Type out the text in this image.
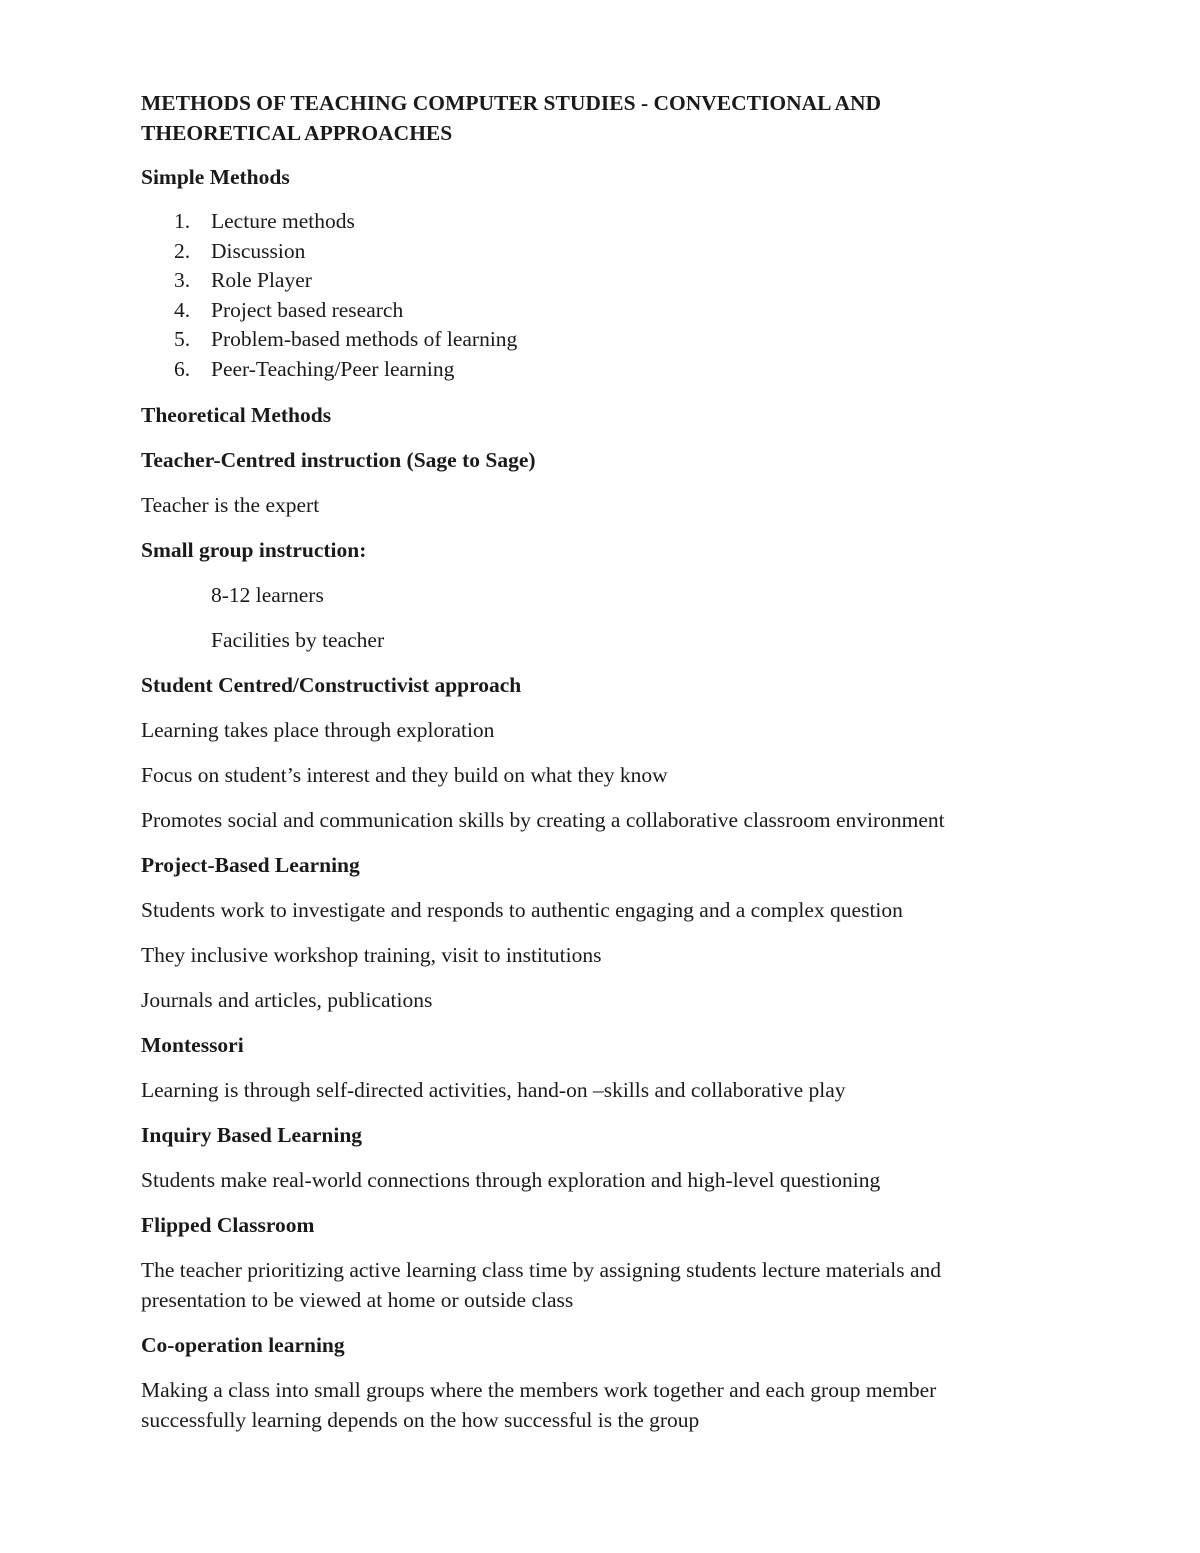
METHODS OF TEACHING COMPUTER STUDIES - CONVECTIONAL AND THEORETICAL APPROACHES
Simple Methods
1. Lecture methods
2. Discussion
3. Role Player
4. Project based research
5. Problem-based methods of learning
6. Peer-Teaching/Peer learning
Theoretical Methods
Teacher-Centred instruction (Sage to Sage)
Teacher is the expert
Small group instruction:
8-12 learners
Facilities by teacher
Student Centred/Constructivist approach
Learning takes place through exploration
Focus on student’s interest and they build on what they know
Promotes social and communication skills by creating a collaborative classroom environment
Project-Based Learning
Students work to investigate and responds to authentic engaging and a complex question
They inclusive workshop training, visit to institutions
Journals and articles, publications
Montessori
Learning is through self-directed activities, hand-on –skills and collaborative play
Inquiry Based Learning
Students make real-world connections through exploration and high-level questioning
Flipped Classroom
The teacher prioritizing active learning class time by assigning students lecture materials and presentation to be viewed at home or outside class
Co-operation learning
Making a class into small groups where the members work together and each group member successfully learning depends on the how successful is the group
